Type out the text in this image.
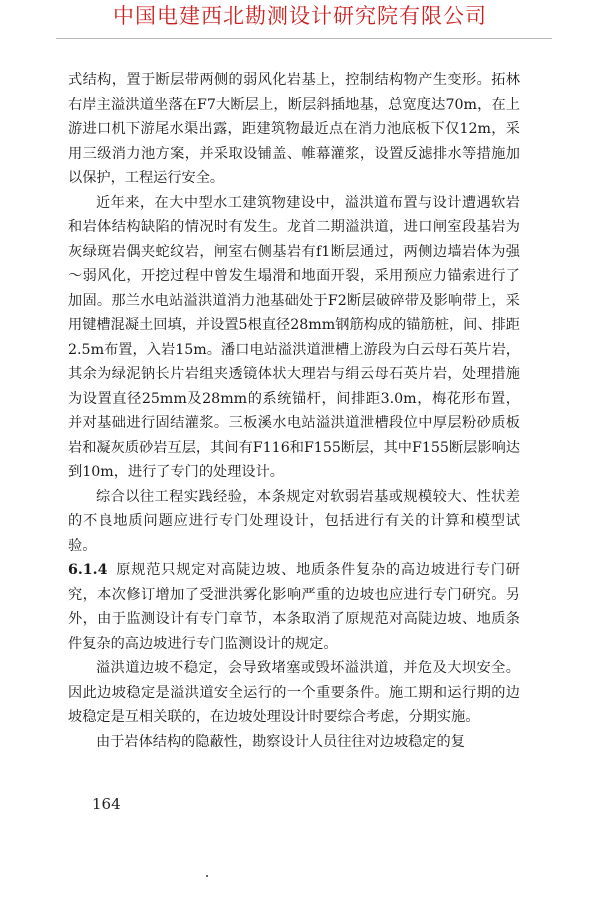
中国电建西北勘测设计研究院有限公司

式结构，置于断层带两侧的弱风化岩基上，控制结构物产生变形。拓林右岸主溢洪道坐落在F7大断层上，断层斜插地基，总宽度达70m，在上游进口机下游尾水渠出露，距建筑物最近点在消力池底板下仅12m，采用三级消力池方案，并采取设铺盖、帷幕灌浆，设置反滤排水等措施加以保护，工程运行安全。

近年来，在大中型水工建筑物建设中，溢洪道布置与设计遭遇软岩和岩体结构缺陷的情况时有发生。龙首二期溢洪道，进口闸室段基岩为灰绿斑岩偶夹蛇纹岩，闸室右侧基岩有f1断层通过，两侧边墙岩体为强～弱风化，开挖过程中曾发生塌滑和地面开裂，采用预应力锚索进行了加固。那兰水电站溢洪道消力池基础处于F2断层破碎带及影响带上，采用键槽混凝土回填，并设置5根直径28mm钢筋构成的锚筋桩，间、排距2.5m布置，入岩15m。潘口电站溢洪道泄槽上游段为白云母石英片岩，其余为绿泥钠长片岩组夹透镜体状大理岩与绢云母石英片岩，处理措施为设置直径25mm及28mm的系统锚杆，间排距3.0m，梅花形布置，并对基础进行固结灌浆。三板溪水电站溢洪道泄槽段位中厚层粉砂质板岩和凝灰质砂岩互层，其间有F116和F155断层，其中F155断层影响达到10m，进行了专门的处理设计。

综合以往工程实践经验，本条规定对软弱岩基或规模较大、性状差的不良地质问题应进行专门处理设计，包括进行有关的计算和模型试验。

6.1.4 原规范只规定对高陡边坡、地质条件复杂的高边坡进行专门研究，本次修订增加了受泄洪雾化影响严重的边坡也应进行专门研究。另外，由于监测设计有专门章节，本条取消了原规范对高陡边坡、地质条件复杂的高边坡进行专门监测设计的规定。

溢洪道边坡不稳定，会导致堵塞或毁坏溢洪道，并危及大坝安全。因此边坡稳定是溢洪道安全运行的一个重要条件。施工期和运行期的边坡稳定是互相关联的，在边坡处理设计时要综合考虑，分期实施。

由于岩体结构的隐蔽性，勘察设计人员往往对边坡稳定的复

164
